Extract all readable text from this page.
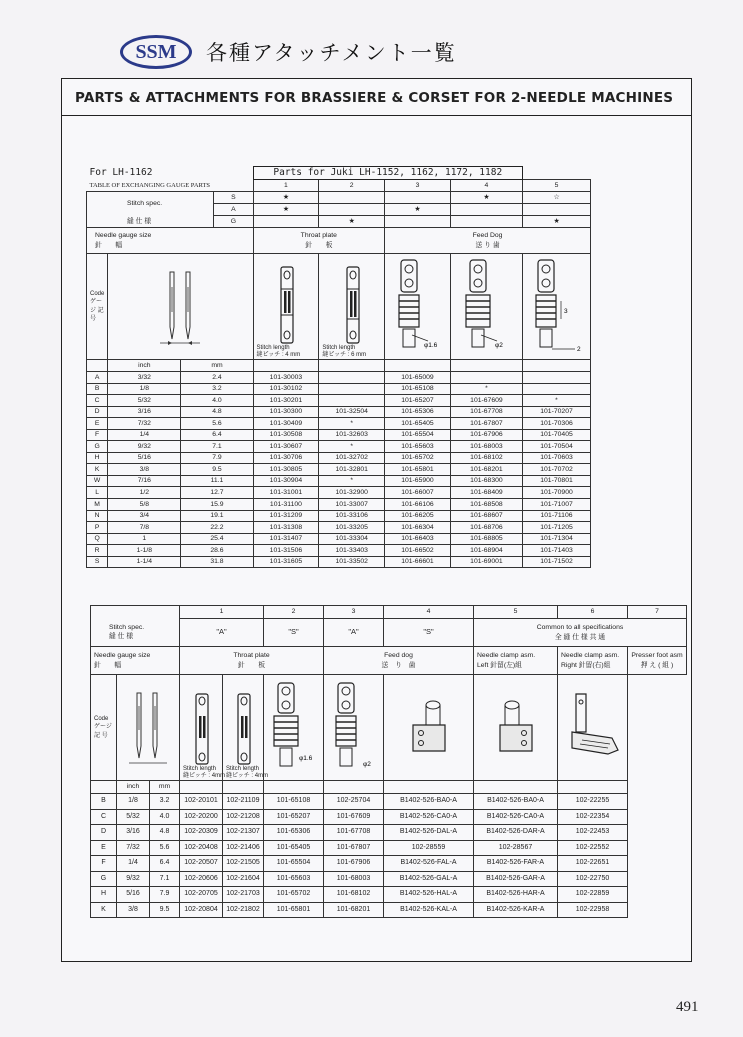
SSM	各種アタッチメント一覧
PARTS & ATTACHMENTS FOR BRASSIERE & CORSET FOR 2-NEEDLE MACHINES
For LH-1162				Parts for Juki LH-1152, 1162, 1172, 1182				
TABLE OF EXCHANGING GAUGE PARTS				1	2	3	4	5
Stitch spec.			S	★			★	☆
			A	★		★		
縫 仕 様			G		★			★
Needle gauge size
針　　幅				Throat plate
針　　板		Feed Dog
送 り 歯		
Code
ゲージ 記 号				Stitch length
縫ピッチ : 4 mm	Stitch length
縫ピッチ : 6 mm	φ1.6	φ2	3
2

	inch	mm						
A	3/32	2.4		101-30003		101-65009		
B	1/8	3.2		101-30102		101-65108	*	
C	5/32	4.0		101-30201		101-65207	101-67609	*
D	3/16	4.8		101-30300	101-32504	101-65306	101-67708	101-70207
E	7/32	5.6		101-30409	*	101-65405	101-67807	101-70306
F	1/4	6.4		101-30508	101-32603	101-65504	101-67906	101-70405
G	9/32	7.1		101-30607	*	101-65603	101-68003	101-70504
H	5/16	7.9		101-30706	101-32702	101-65702	101-68102	101-70603
K	3/8	9.5		101-30805	101-32801	101-65801	101-68201	101-70702
W	7/16	11.1		101-30904	*	101-65900	101-68300	101-70801
L	1/2	12.7		101-31001	101-32900	101-66007	101-68409	101-70900
M	5/8	15.9		101-31100	101-33007	101-66106	101-68508	101-71007
N	3/4	19.1		101-31209	101-33106	101-66205	101-68607	101-71106
P	7/8	22.2		101-31308	101-33205	101-66304	101-68706	101-71205
Q	1	25.4		101-31407	101-33304	101-66403	101-68805	101-71304
R	1-1/8	28.6		101-31506	101-33403	101-66502	101-68904	101-71403
S	1-1/4	31.8		101-31605	101-33502	101-66601	101-69001	101-71502
			1		2	3	4	5	6	7
Stitch spec.
縫 仕 様			"A"		"S"	"A"	"S"	Common to all specifications
全 縫 仕 様 共 通		
Needle gauge size
針　　幅			Throat plate
針　　板			Feed dog
送　り　歯		Needle clamp asm.
Left 針留(左)組	Needle clamp asm.
Right 針留(右)組	Presser foot asm
押 え ( 組 )
Code
ゲージ 記 号			Stitch length
縫ピッチ : 4mm	Stitch length
縫ピッチ : 4mm	φ1.6	φ2

	inch	mm								
B	1/8	3.2	102-20101	102-21109	101-65108	102-25704	B1402-526-BA0-A	B1402-526-BA0-A	102-22255	
C	5/32	4.0	102-20200	102-21208	101-65207	101-67609	B1402-526-CA0-A	B1402-526-CA0-A	102-22354	
D	3/16	4.8	102-20309	102-21307	101-65306	101-67708	B1402-526-DAL-A	B1402-526-DAR-A	102-22453	
E	7/32	5.6	102-20408	102-21406	101-65405	101-67807	102-28559	102-28567	102-22552	
F	1/4	6.4	102-20507	102-21505	101-65504	101-67906	B1402-526-FAL-A	B1402-526-FAR-A	102-22651	
G	9/32	7.1	102-20606	102-21604	101-65603	101-68003	B1402-526-GAL-A	B1402-526-GAR-A	102-22750	
H	5/16	7.9	102-20705	102-21703	101-65702	101-68102	B1402-526-HAL-A	B1402-526-HAR-A	102-22859	
K	3/8	9.5	102-20804	102-21802	101-65801	101-68201	B1402-526-KAL-A	B1402-526-KAR-A	102-22958	
491
